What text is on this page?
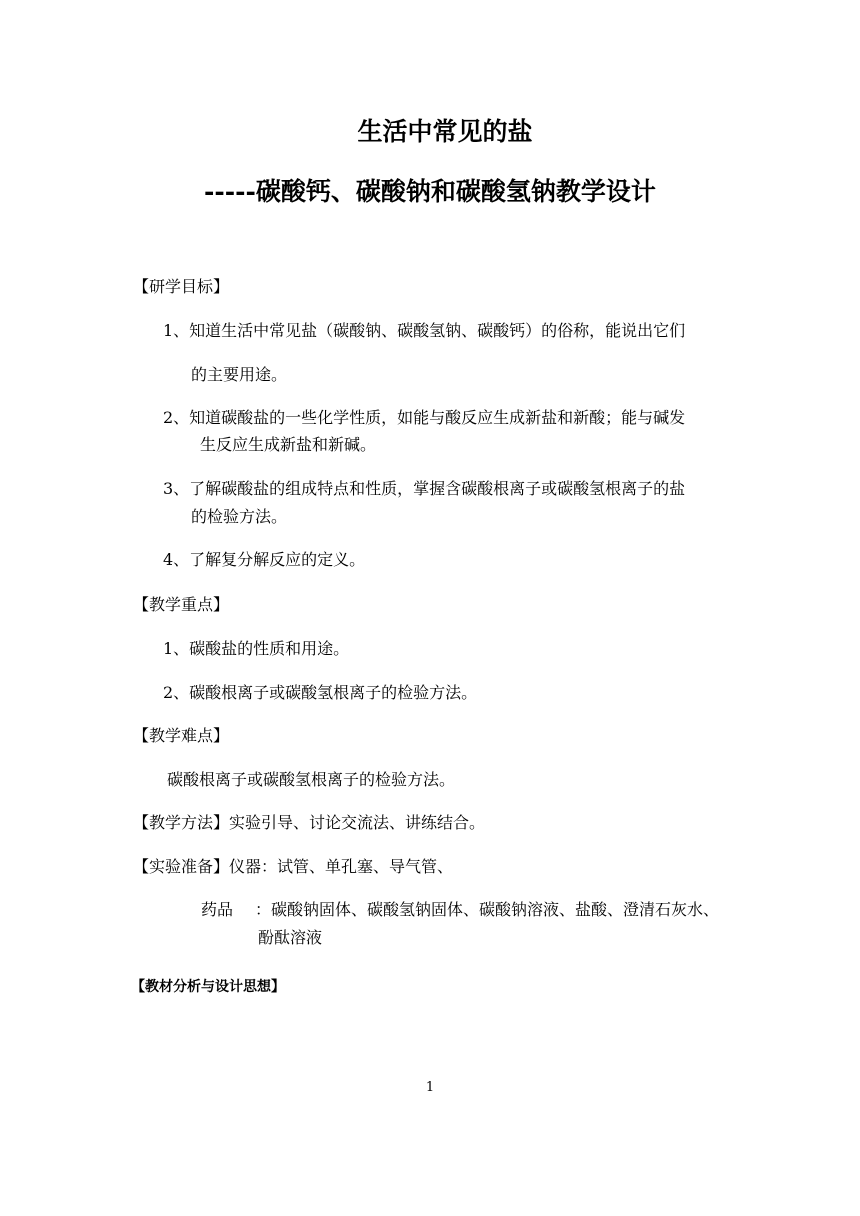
生活中常见的盐
-----碳酸钙、碳酸钠和碳酸氢钠教学设计
【研学目标】
1、知道生活中常见盐（碳酸钠、碳酸氢钠、碳酸钙）的俗称，能说出它们
的主要用途。
2、知道碳酸盐的一些化学性质，如能与酸反应生成新盐和新酸；能与碱发
生反应生成新盐和新碱。
3、了解碳酸盐的组成特点和性质，掌握含碳酸根离子或碳酸氢根离子的盐
的检验方法。
4、了解复分解反应的定义。
【教学重点】
1、碳酸盐的性质和用途。
2、碳酸根离子或碳酸氢根离子的检验方法。
【教学难点】
碳酸根离子或碳酸氢根离子的检验方法。
【教学方法】实验引导、讨论交流法、讲练结合。
【实验准备】仪器：试管、单孔塞、导气管、
药品 ：碳酸钠固体、碳酸氢钠固体、碳酸钠溶液、盐酸、澄清石灰水、
酚酞溶液
【教材分析与设计思想】
1
